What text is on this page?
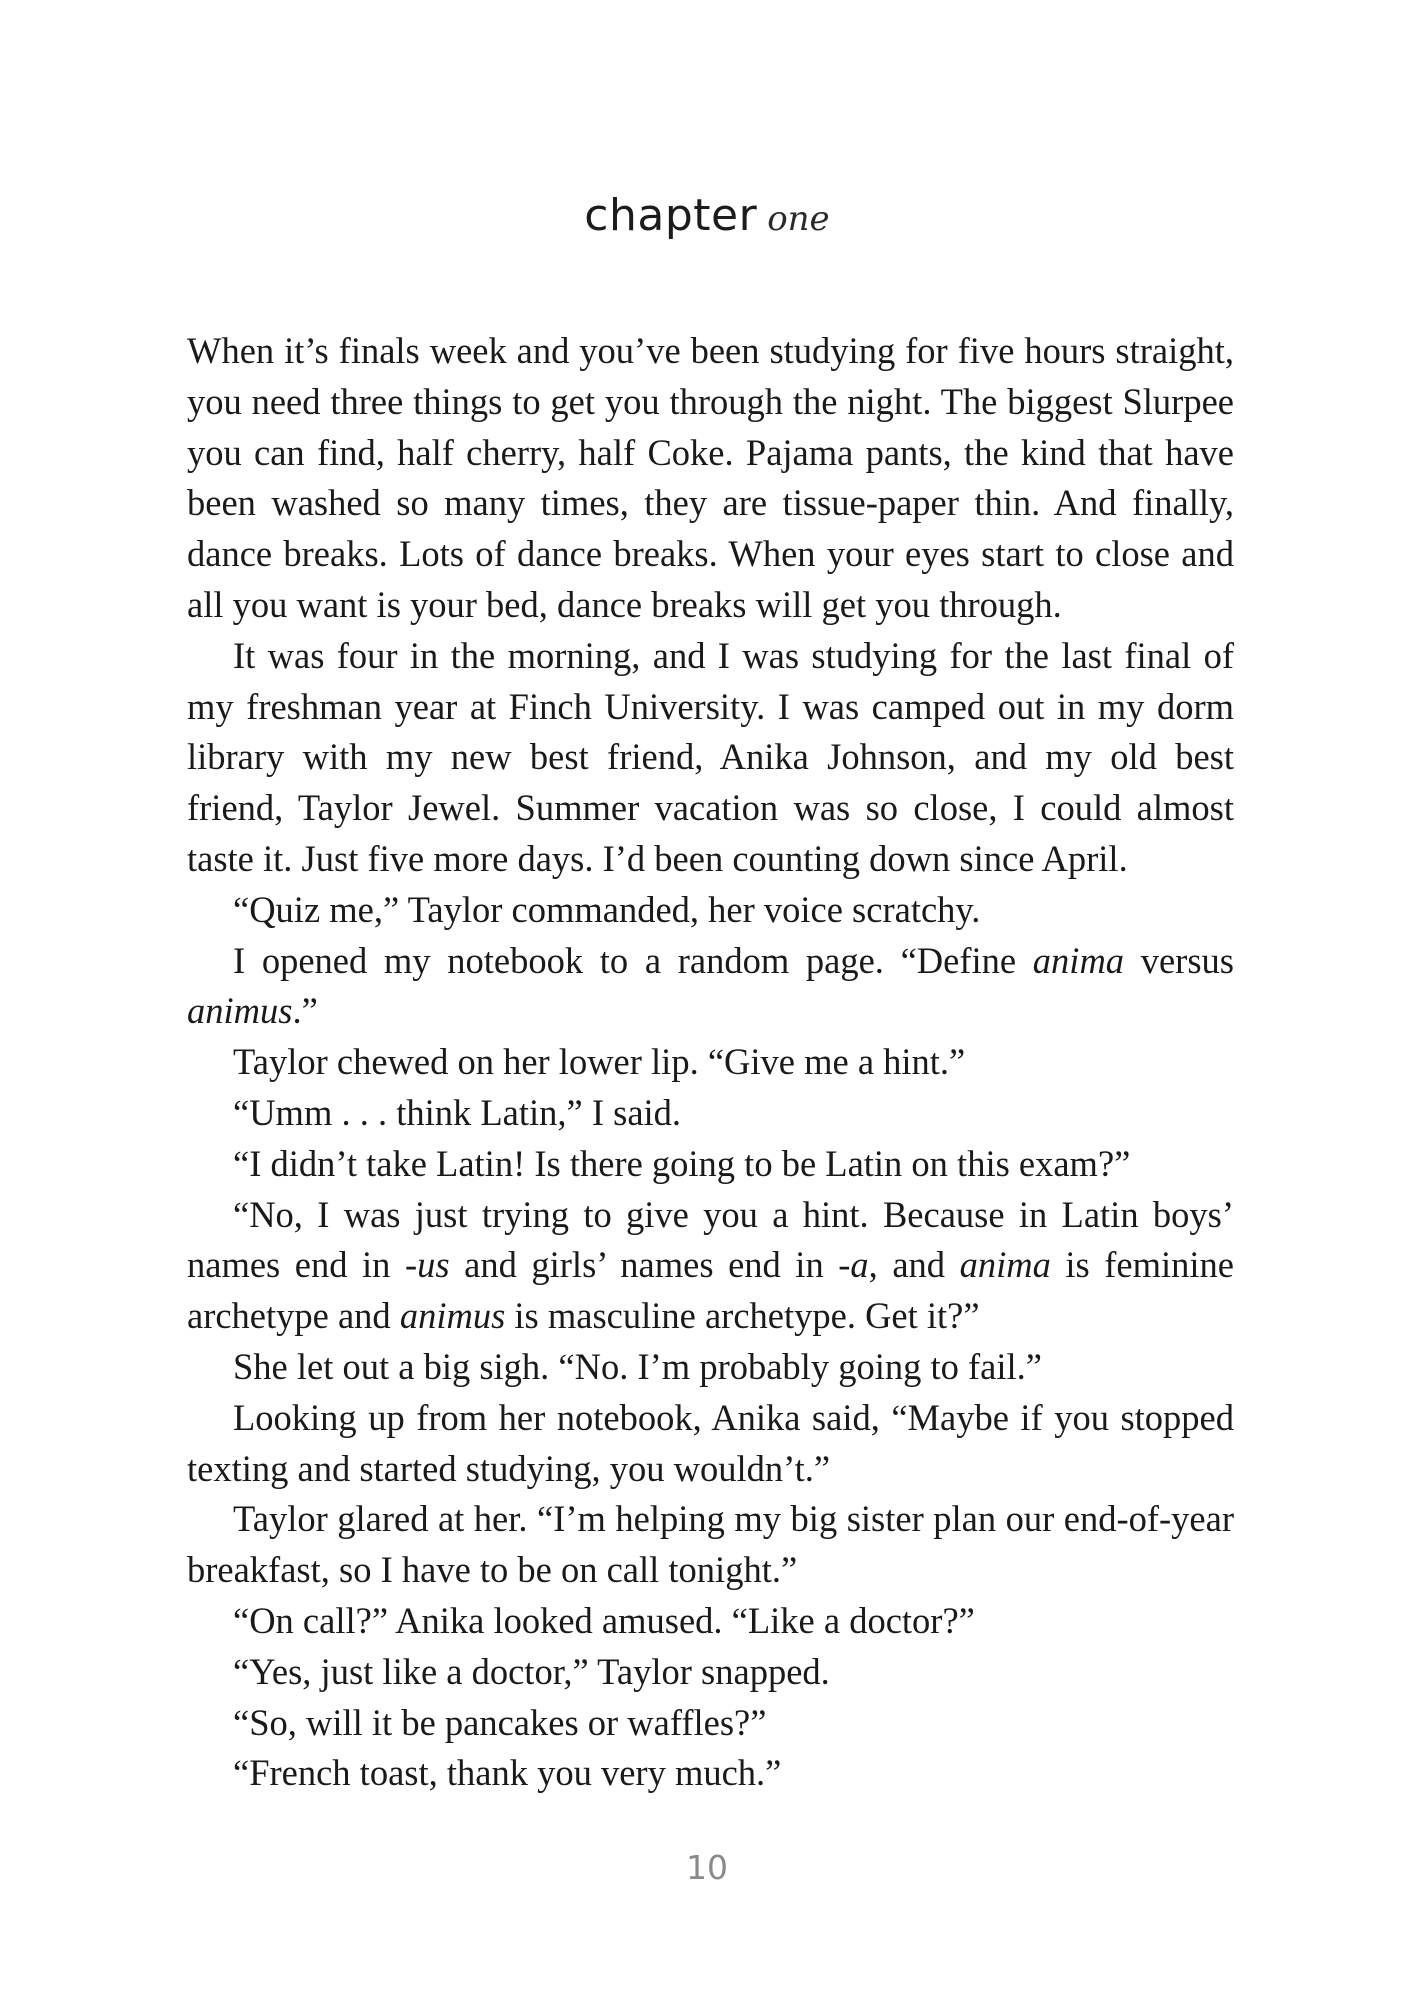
chapter one

When it’s finals week and you’ve been studying for five hours straight, you need three things to get you through the night. The biggest Slurpee you can find, half cherry, half Coke. Pajama pants, the kind that have been washed so many times, they are tissue-paper thin. And finally, dance breaks. Lots of dance breaks. When your eyes start to close and all you want is your bed, dance breaks will get you through.

It was four in the morning, and I was studying for the last final of my freshman year at Finch University. I was camped out in my dorm library with my new best friend, Anika Johnson, and my old best friend, Taylor Jewel. Summer vacation was so close, I could almost taste it. Just five more days. I’d been counting down since April.

“Quiz me,” Taylor commanded, her voice scratchy.

I opened my notebook to a random page. “Define anima versus animus.”

Taylor chewed on her lower lip. “Give me a hint.”

“Umm . . . think Latin,” I said.

“I didn’t take Latin! Is there going to be Latin on this exam?”

“No, I was just trying to give you a hint. Because in Latin boys’ names end in -us and girls’ names end in -a, and anima is feminine archetype and animus is masculine archetype. Get it?”

She let out a big sigh. “No. I’m probably going to fail.”

Looking up from her notebook, Anika said, “Maybe if you stopped texting and started studying, you wouldn’t.”

Taylor glared at her. “I’m helping my big sister plan our end-of-year breakfast, so I have to be on call tonight.”

“On call?” Anika looked amused. “Like a doctor?”

“Yes, just like a doctor,” Taylor snapped.

“So, will it be pancakes or waffles?”

“French toast, thank you very much.”

10
